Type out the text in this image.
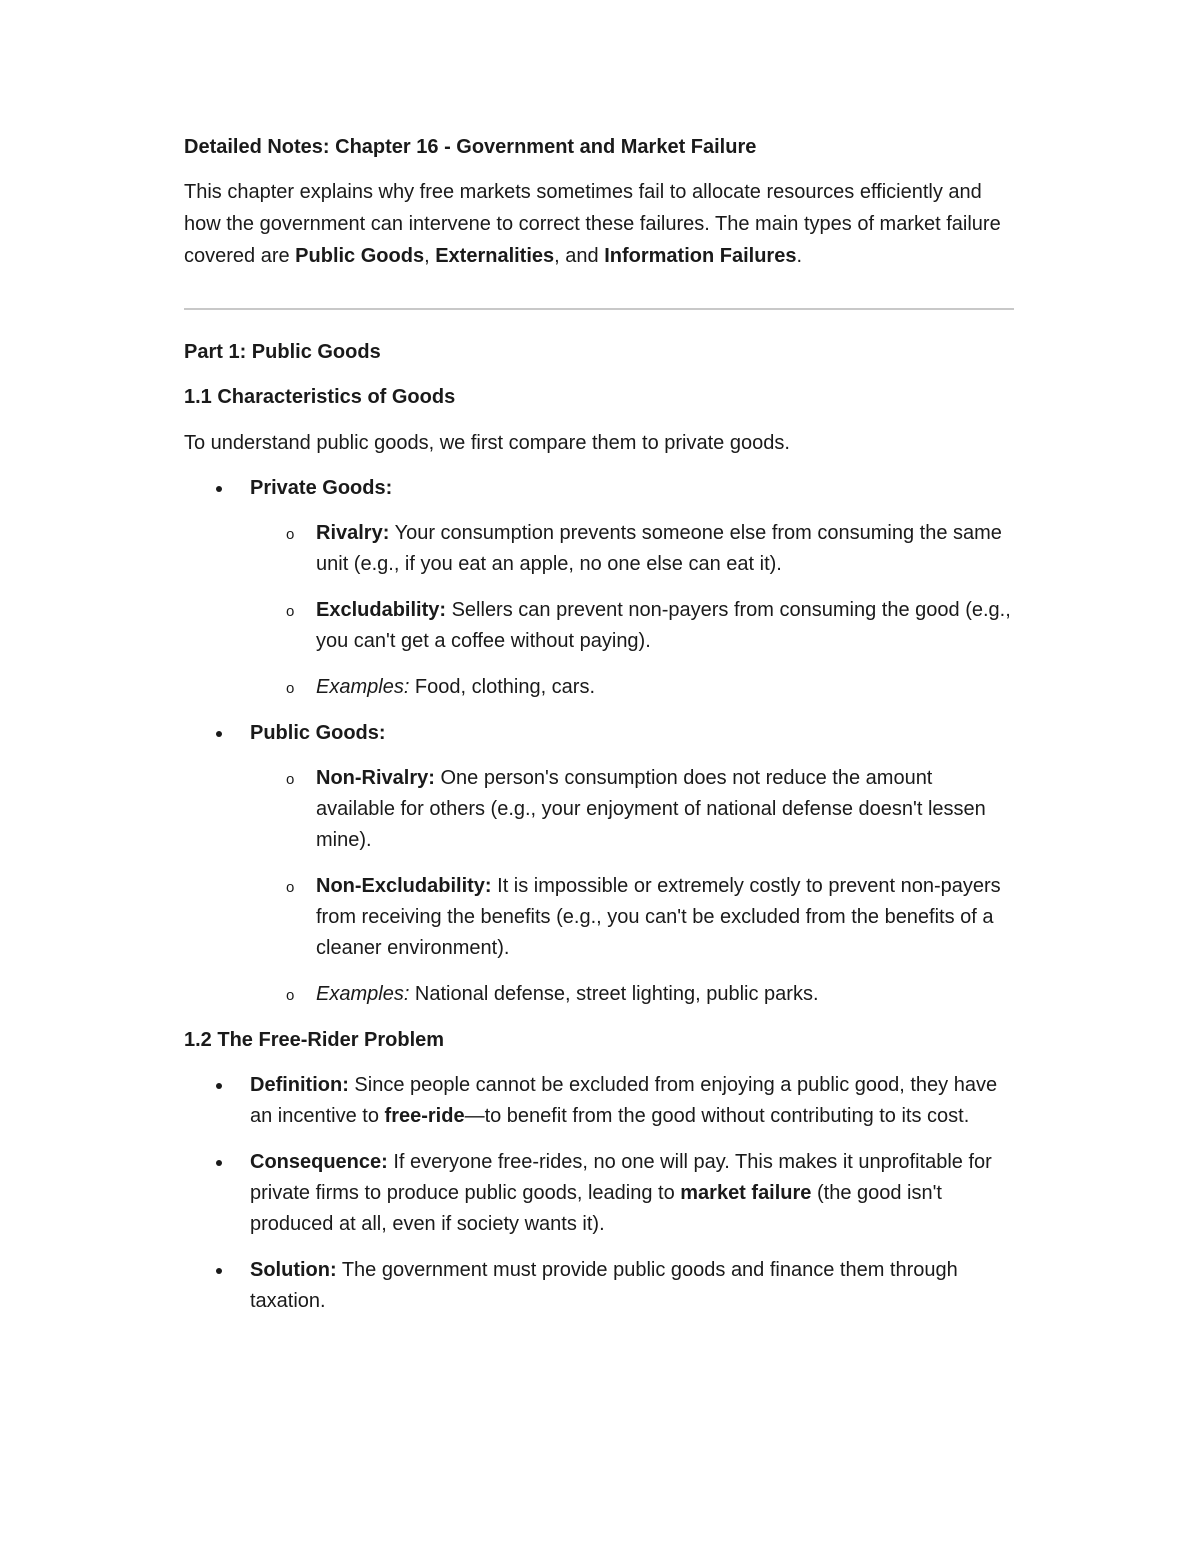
Detailed Notes: Chapter 16 - Government and Market Failure

This chapter explains why free markets sometimes fail to allocate resources efficiently and how the government can intervene to correct these failures. The main types of market failure covered are Public Goods, Externalities, and Information Failures.

Part 1: Public Goods

1.1 Characteristics of Goods

To understand public goods, we first compare them to private goods.

Private Goods:
o Rivalry: Your consumption prevents someone else from consuming the same unit (e.g., if you eat an apple, no one else can eat it).
o Excludability: Sellers can prevent non-payers from consuming the good (e.g., you can't get a coffee without paying).
o Examples: Food, clothing, cars.
Public Goods:
o Non-Rivalry: One person's consumption does not reduce the amount available for others (e.g., your enjoyment of national defense doesn't lessen mine).
o Non-Excludability: It is impossible or extremely costly to prevent non-payers from receiving the benefits (e.g., you can't be excluded from the benefits of a cleaner environment).
o Examples: National defense, street lighting, public parks.

1.2 The Free-Rider Problem

Definition: Since people cannot be excluded from enjoying a public good, they have an incentive to free-ride—to benefit from the good without contributing to its cost.
Consequence: If everyone free-rides, no one will pay. This makes it unprofitable for private firms to produce public goods, leading to market failure (the good isn't produced at all, even if society wants it).
Solution: The government must provide public goods and finance them through taxation.
